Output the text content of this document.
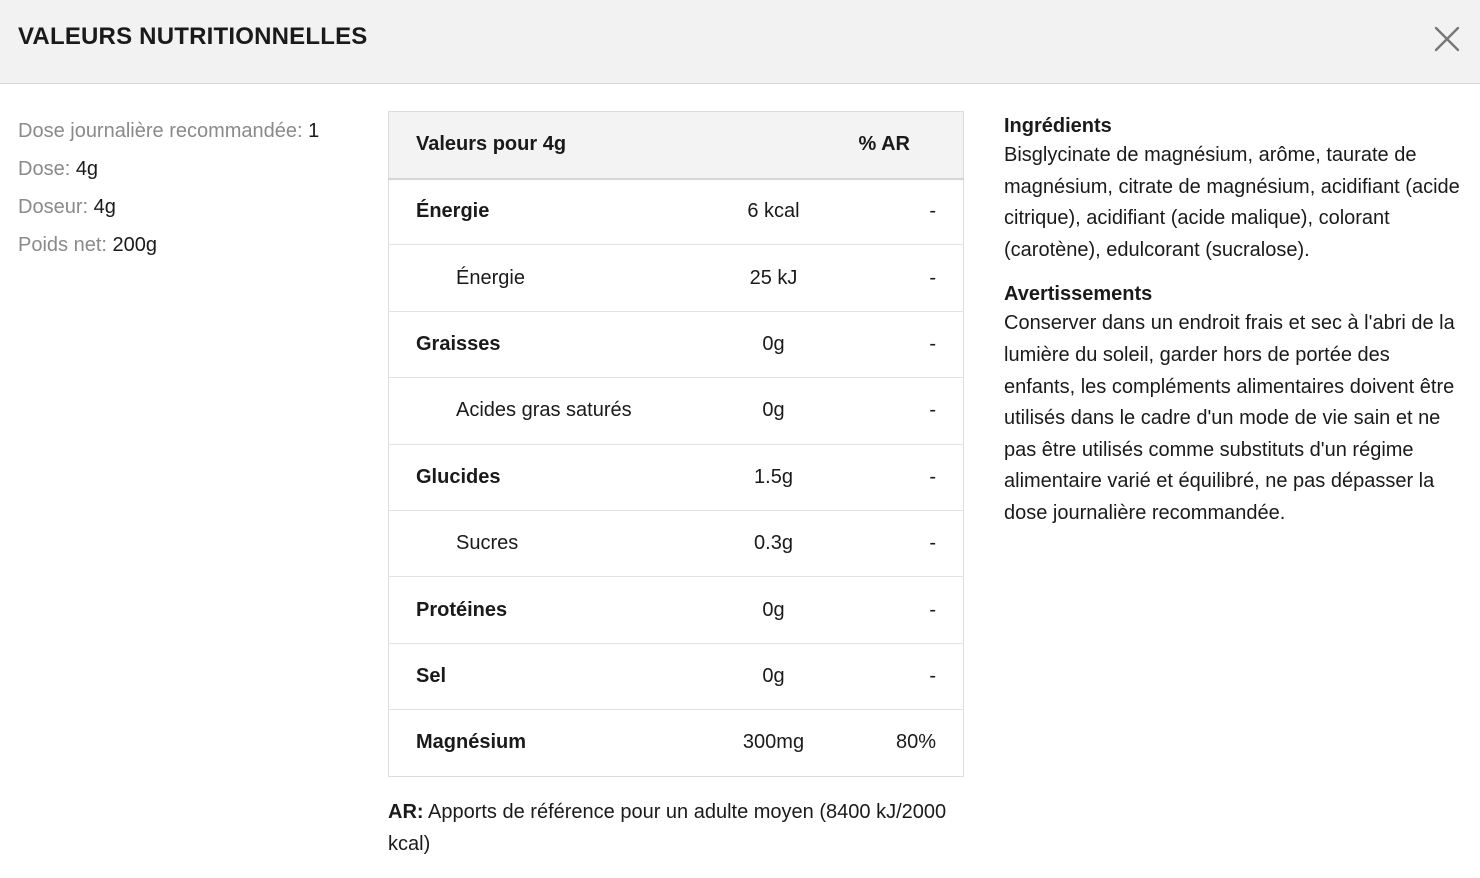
VALEURS NUTRITIONNELLES
Dose journalière recommandée: 1
Dose: 4g
Doseur: 4g
Poids net: 200g
Valeurs pour 4g		% AR
Énergie	6 kcal	-
Énergie	25 kJ	-
Graisses	0g	-
Acides gras saturés	0g	-
Glucides	1.5g	-
Sucres	0.3g	-
Protéines	0g	-
Sel	0g	-
Magnésium	300mg	80%
AR: Apports de référence pour un adulte moyen (8400 kJ/2000 kcal)
Ingrédients

Bisglycinate de magnésium, arôme, taurate de magnésium, citrate de magnésium, acidifiant (acide citrique), acidifiant (acide malique), colorant (carotène), edulcorant (sucralose).

Avertissements

Conserver dans un endroit frais et sec à l'abri de la lumière du soleil, garder hors de portée des enfants, les compléments alimentaires doivent être utilisés dans le cadre d'un mode de vie sain et ne pas être utilisés comme substituts d'un régime alimentaire varié et équilibré, ne pas dépasser la dose journalière recommandée.
